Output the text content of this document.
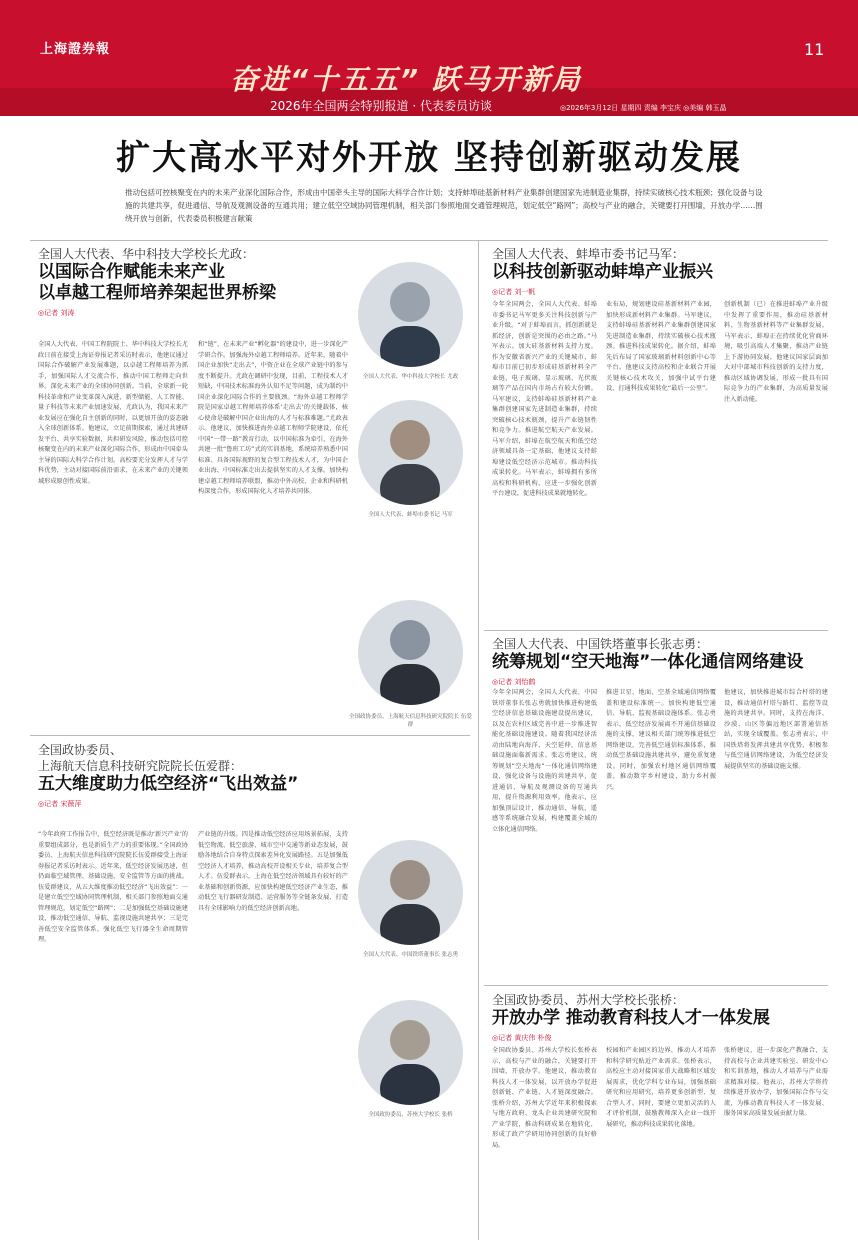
上海證券報	11
奋进“十五五” 跃马开新局
2026年全国两会特别报道 · 代表委员访谈	◎2026年3月12日 星期四 责编 李宝庆 ◎美编 韩玉晶
扩大高水平对外开放 坚持创新驱动发展
推动包括可控核聚变在内的未来产业深化国际合作，形成由中国牵头主导的国际大科学合作计划；支持蚌埠硅基新材料产业集群创建国家先进制造业集群，持续实破核心技术瓶颈；强化设备与设施的共建共享，促进通信、导航及观测设备的互通共用；建立低空空域协同管理机制，相关部门参照地面交通管理规范，划定低空“路网”；高校与产业的融合，关键要打开围墙，开放办学……围绕开放与创新，代表委员积极建言献策
全国人大代表、华中科技大学校长尤政：
以国际合作赋能未来产业
以卓越工程师培养架起世界桥梁
◎记者 刘涛
全国人大代表、中国工程院院士、华中科技大学校长尤政日前在接受上海证券报记者采访时表示，他建议通过国际合作破解产业发展难题，以卓越工程师培养为抓手，加强国际人才交流合作，推动中国工程师走向世界。深化未来产业的全球协同创新。当前，全球新一轮科技革命和产业变革深入演进，新型储能、人工智能、量子科技等未来产业加速发展，尤政认为，我国未来产业发展应在强化自主创新的同时，以更加开放的姿态融入全球创新体系。他建议，立足前期探索，通过共建研发平台、共享实验数据，共担研发风险，推动包括可控核聚变在内的未来产业深化国际合作，形成由中国牵头主导的国际大科学合作计划。高校要充分发挥人才与学科优势，主动对接国际前沿需求，在未来产业的关键领域形成原创性成果。
和“链”，在未来产业“孵化器”的建设中，进一步深化产学研合作。加强海外卓越工程师培养。近年来，随着中国企业加快“走出去”，中资企业在全球产业链中的参与度不断提升。尤政在调研中发现，目前，工程技术人才短缺，中国技术标准海外认知不足等问题，成为制约中国企业深化国际合作的主要瓶颈。“海外卓越工程师学院是国家卓越工程师培养体系‘走出去’的关键载体，核心使命是破解中国企业出海的人才与标准难题。”尤政表示。他建议，加快推进海外卓越工程师学院建设，依托中国“一带一路”教育行动，以中国标准为牵引，在海外共建一批“鲁班工坊”式的实训基地，系统培养熟悉中国标准、具备国际视野的复合型工程技术人才，为中国企业出海、中国标准走出去提供坚实的人才支撑。加快构建卓越工程师培养联盟，推动中外高校、企业和科研机构深度合作，形成国际化人才培养共同体。
全国人大代表、华中科技大学校长 尤政
全国人大代表、蚌埠市委书记马军：
以科技创新驱动蚌埠产业振兴
◎记者 刘一帆
今年全国两会，全国人大代表、蚌埠市委书记马军更多关注科技创新与产业升级。“对于蚌埠而言，抓创新就是抓经济，创新是突围的必由之路。”马军表示。加大硅基新材料支持力度。作为安徽省新兴产业的关键城市，蚌埠市目前已初步形成硅基新材料全产业链，电子玻璃、显示玻璃、光伏玻璃等产品在国内市场占有较大份额。马军建议，支持蚌埠硅基新材料产业集群创建国家先进制造业集群，持续突破核心技术瓶颈，提升产业链韧性和竞争力。推进航空航天产业发展。马军介绍，蚌埠在航空航天和低空经济领域具备一定基础，他建议支持蚌埠建设低空经济示范城市。推动科技成果转化。马军表示，蚌埠拥有多所高校和科研机构，应进一步强化创新平台建设，促进科技成果就地转化。
业布局，规划建设硅基新材料产业园，加快形成新材料产业集群。马军建议，支持蚌埠硅基新材料产业集群创建国家先进制造业集群，持续实破核心技术瓶颈。推进科技成果转化。据介绍，蚌埠先后布局了国家玻璃新材料创新中心等平台。他建议支持高校和企业联合开展关键核心技术攻关，加强中试平台建设，打通科技成果转化“最后一公里”。
创新机制（已）在推进蚌埠产业升级中发挥了重要作用，推动硅基新材料、生物基新材料等产业集群发展。马军表示，蚌埠正在持续优化营商环境，吸引高端人才集聚，推动产业链上下游协同发展。他建议国家层面加大对中部城市科技创新的支持力度，推动区域协调发展，形成一批具有国际竞争力的产业集群，为高质量发展注入新动能。
全国人大代表、蚌埠市委书记 马军
全国人大代表、中国铁塔董事长张志勇：
统筹规划“空天地海”一体化通信网络建设
◎记者 刘怡鹤
今年全国两会，全国人大代表、中国铁塔董事长张志勇就加快推进构建低空经济信息基础设施建设提出建议，以及在农村区域完善中进一步推进智能化基础设施建设。随着我国经济活动由陆地向海洋、天空延伸，信息基础设施面临新需求。张志勇建议，统筹规划“空天地海”一体化通信网络建设，强化设备与设施的共建共享，促进通信、导航及观测设备的互通共用，提升资源利用效率。他表示，应加强顶层设计，推动通信、导航、遥感等系统融合发展，构建覆盖全域的立体化通信网络。
推进卫星、地面、空基全域通信网络覆盖和建设标准统一。加快构建低空通信、导航、监视基础设施体系。张志勇表示，低空经济发展离不开通信基础设施的支撑，建议相关部门统筹推进低空网络建设，完善低空通信标准体系，推动低空基础设施共建共享，避免重复建设。同时，加强农村地区通信网络覆盖，推动数字乡村建设，助力乡村振兴。
他建议，加快推进城市综合杆塔的建设，推动通信杆塔与路灯、监控等设施的共建共享。同时，支持在海洋、沙漠、山区等偏远地区部署通信基站，实现全域覆盖。张志勇表示，中国铁塔将发挥共建共享优势，积极参与低空通信网络建设，为低空经济发展提供坚实的基础设施支撑。
全国政协委员、上海航天信息科技研究院院长 伍爱群
全国政协委员、
上海航天信息科技研究院院长伍爱群：
五大维度助力低空经济“飞出效益”
◎记者 宋薇萍
“今年政府工作报告中，低空经济既是推动‘新兴产业’的重要组成部分，也是新质生产力的重要体现。”全国政协委员、上海航天信息科技研究院院长伍爱群接受上海证券报记者采访时表示。近年来，低空经济发展迅速，但仍面临空域管理、基础设施、安全监管等方面的挑战。伍爱群建议，从五大维度推动低空经济“飞出效益”：一是建立低空空域协同管理机制，相关部门参照地面交通管理规范，划定低空“路网”；二是加强低空基础设施建设，推动低空通信、导航、监视设施共建共享；三是完善低空安全监管体系，强化低空飞行器全生命周期管理。
产业链的升级。四是推动低空经济应用场景拓展，支持低空物流、低空旅游、城市空中交通等新业态发展，鼓励各地结合自身特点探索差异化发展路径。五是加强低空经济人才培养，推动高校开设相关专业，培养复合型人才。伍爱群表示，上海在低空经济领域具有较好的产业基础和创新资源，应加快构建低空经济产业生态，推动低空飞行器研发制造、运营服务等全链条发展，打造具有全球影响力的低空经济创新高地。
全国人大代表、中国铁塔董事长 张志勇
全国政协委员、苏州大学校长张桥：
开放办学 推动教育科技人才一体发展
◎记者 黄庆伟 朴俊
全国政协委员、苏州大学校长张桥表示，高校与产业的融合，关键要打开围墙，开放办学。他建议，推动教育科技人才一体发展，以开放办学促进创新链、产业链、人才链深度融合。张桥介绍，苏州大学近年来积极探索与地方政府、龙头企业共建研究院和产业学院，推动科研成果在地转化，形成了政产学研用协同创新的良好格局。
校园和产业园区的边界，推动人才培养和科学研究贴近产业需求。张桥表示，高校应主动对接国家重大战略和区域发展需求，优化学科专业布局，加强基础研究和应用研究，培养更多创新型、复合型人才。同时，要建立更加灵活的人才评价机制，鼓励教师深入企业一线开展研究，推动科技成果转化落地。
张桥建议，进一步深化产教融合，支持高校与企业共建实验室、研发中心和实训基地，推动人才培养与产业需求精准对接。他表示，苏州大学将持续推进开放办学，加强国际合作与交流，为推动教育科技人才一体发展、服务国家高质量发展贡献力量。
全国政协委员、苏州大学校长 张桥
